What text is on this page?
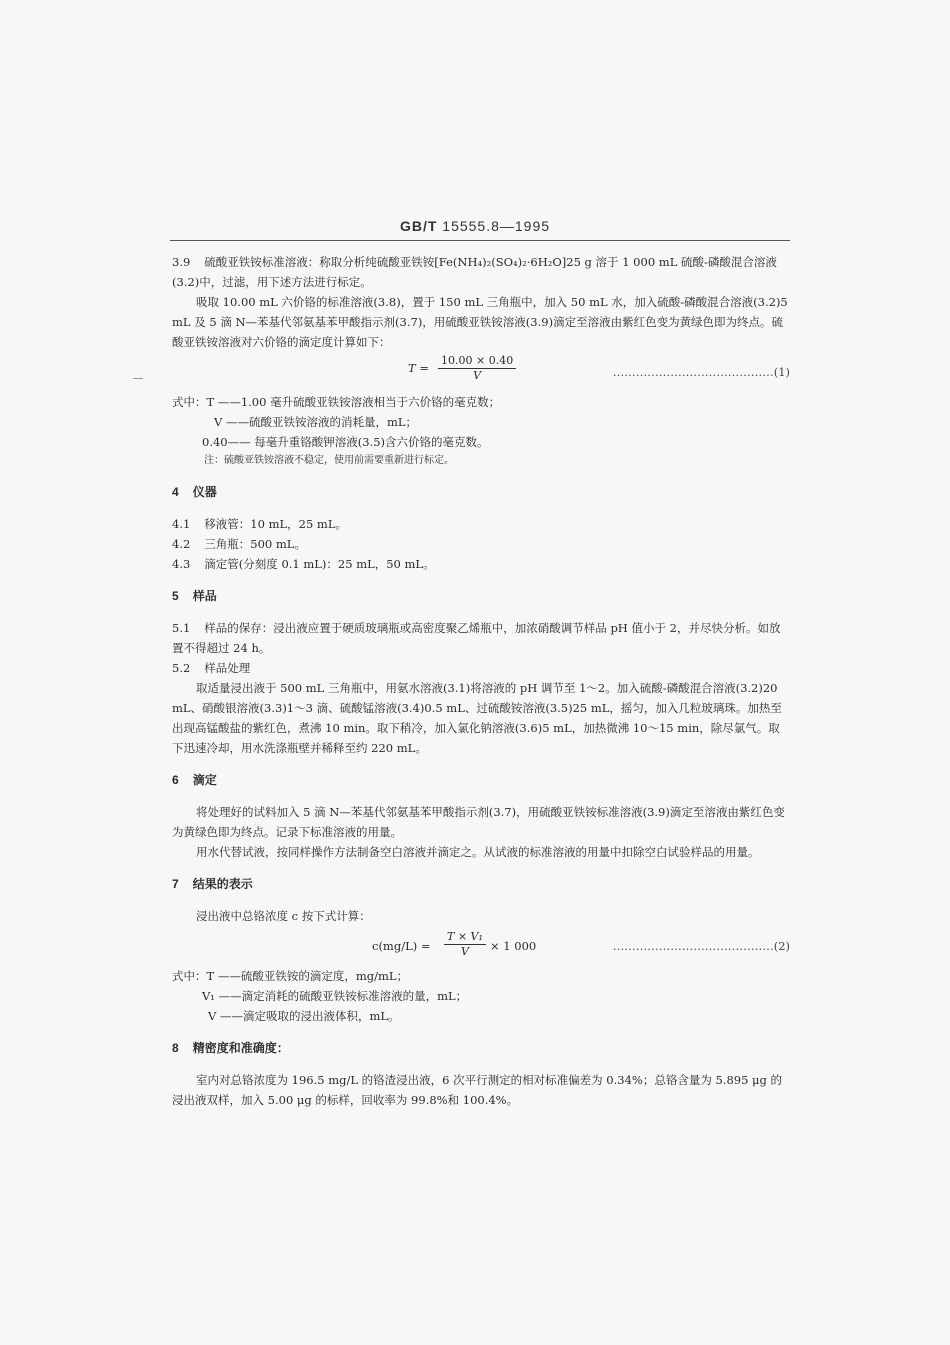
GB/T 15555.8—1995

3.9 硫酸亚铁铵标准溶液：称取分析纯硫酸亚铁铵[Fe(NH₄)₂(SO₄)₂·6H₂O]25 g 溶于 1 000 mL 硫酸-磷酸混合溶液(3.2)中，过滤，用下述方法进行标定。

吸取 10.00 mL 六价铬的标准溶液(3.8)，置于 150 mL 三角瓶中，加入 50 mL 水，加入硫酸-磷酸混合溶液(3.2)5 mL 及 5 滴 N—苯基代邻氨基苯甲酸指示剂(3.7)，用硫酸亚铁铵溶液(3.9)滴定至溶液由紫红色变为黄绿色即为终点。硫酸亚铁铵溶液对六价铬的滴定度计算如下：

$T = \frac{10.00 \times 0.40}{V}$	……………………………………(1)

式中：T ——1.00 毫升硫酸亚铁铵溶液相当于六价铬的毫克数；

V ——硫酸亚铁铵溶液的消耗量，mL；

0.40—— 每毫升重铬酸钾溶液(3.5)含六价铬的毫克数。

注：硫酸亚铁铵溶液不稳定，使用前需要重新进行标定。

4 仪器

4.1 移液管：10 mL，25 mL。

4.2 三角瓶：500 mL。

4.3 滴定管(分刻度 0.1 mL)：25 mL，50 mL。

5 样品

5.1 样品的保存：浸出液应置于硬质玻璃瓶或高密度聚乙烯瓶中，加浓硝酸调节样品 pH 值小于 2，并尽快分析。如放置不得超过 24 h。

5.2 样品处理

取适量浸出液于 500 mL 三角瓶中，用氨水溶液(3.1)将溶液的 pH 调节至 1～2。加入硫酸-磷酸混合溶液(3.2)20 mL、硝酸银溶液(3.3)1～3 滴、硫酸锰溶液(3.4)0.5 mL、过硫酸铵溶液(3.5)25 mL，摇匀，加入几粒玻璃珠。加热至出现高锰酸盐的紫红色，煮沸 10 min。取下稍冷，加入氯化钠溶液(3.6)5 mL，加热微沸 10～15 min，除尽氯气。取下迅速冷却，用水洗涤瓶壁并稀释至约 220 mL。

6 滴定

将处理好的试料加入 5 滴 N—苯基代邻氨基苯甲酸指示剂(3.7)，用硫酸亚铁铵标准溶液(3.9)滴定至溶液由紫红色变为黄绿色即为终点。记录下标准溶液的用量。

用水代替试液，按同样操作方法制备空白溶液并滴定之。从试液的标准溶液的用量中扣除空白试验样品的用量。

7 结果的表示

浸出液中总铬浓度 c 按下式计算：

$c(mg/L) = \frac{\text{T × V₁}}{V} \times 1$ 000	……………………………………(2)

式中：T ——硫酸亚铁铵的滴定度，mg/mL；

V₁ ——滴定消耗的硫酸亚铁铵标准溶液的量，mL；

V ——滴定吸取的浸出液体积，mL。

8 精密度和准确度：

室内对总铬浓度为 196.5 mg/L 的铬渣浸出液，6 次平行测定的相对标准偏差为 0.34%；总铬含量为 5.895 μg 的浸出液双样，加入 5.00 μg 的标样，回收率为 99.8%和 100.4%。
